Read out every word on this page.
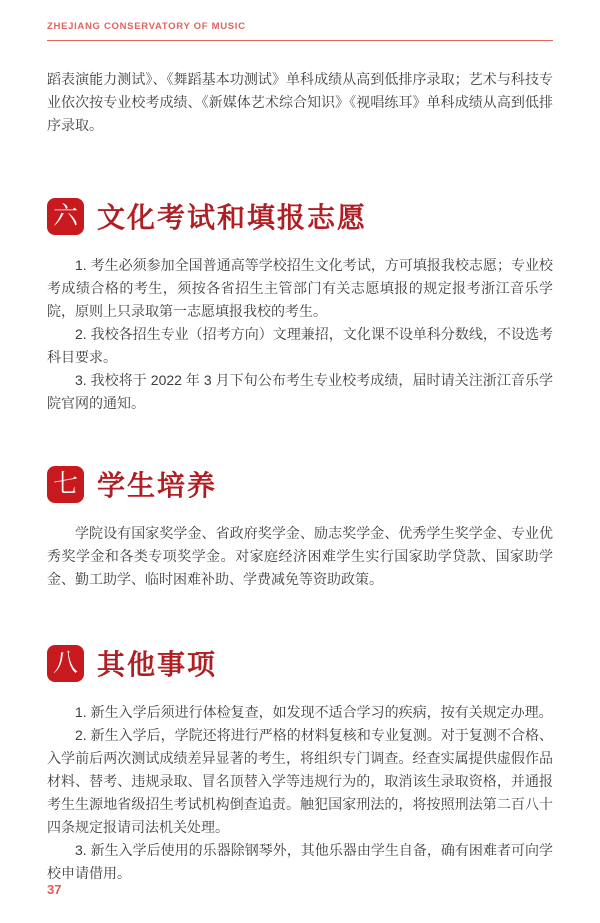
ZHEJIANG CONSERVATORY OF MUSIC

蹈表演能力测试》、《舞蹈基本功测试》单科成绩从高到低排序录取；艺术与科技专业依次按专业校考成绩、《新媒体艺术综合知识》《视唱练耳》单科成绩从高到低排序录取。

六 文化考试和填报志愿

1. 考生必须参加全国普通高等学校招生文化考试，方可填报我校志愿；专业校考成绩合格的考生，须按各省招生主管部门有关志愿填报的规定报考浙江音乐学院，原则上只录取第一志愿填报我校的考生。

2. 我校各招生专业（招考方向）文理兼招，文化课不设单科分数线，不设选考科目要求。

3. 我校将于 2022 年 3 月下旬公布考生专业校考成绩，届时请关注浙江音乐学院官网的通知。

七 学生培养

学院设有国家奖学金、省政府奖学金、励志奖学金、优秀学生奖学金、专业优秀奖学金和各类专项奖学金。对家庭经济困难学生实行国家助学贷款、国家助学金、勤工助学、临时困难补助、学费减免等资助政策。

八 其他事项

1. 新生入学后须进行体检复查，如发现不适合学习的疾病，按有关规定办理。

2. 新生入学后，学院还将进行严格的材料复核和专业复测。对于复测不合格、入学前后两次测试成绩差异显著的考生，将组织专门调查。经查实属提供虚假作品材料、替考、违规录取、冒名顶替入学等违规行为的，取消该生录取资格，并通报考生生源地省级招生考试机构倒查追责。触犯国家刑法的，将按照刑法第二百八十四条规定报请司法机关处理。

3. 新生入学后使用的乐器除钢琴外，其他乐器由学生自备，确有困难者可向学校申请借用。

37
